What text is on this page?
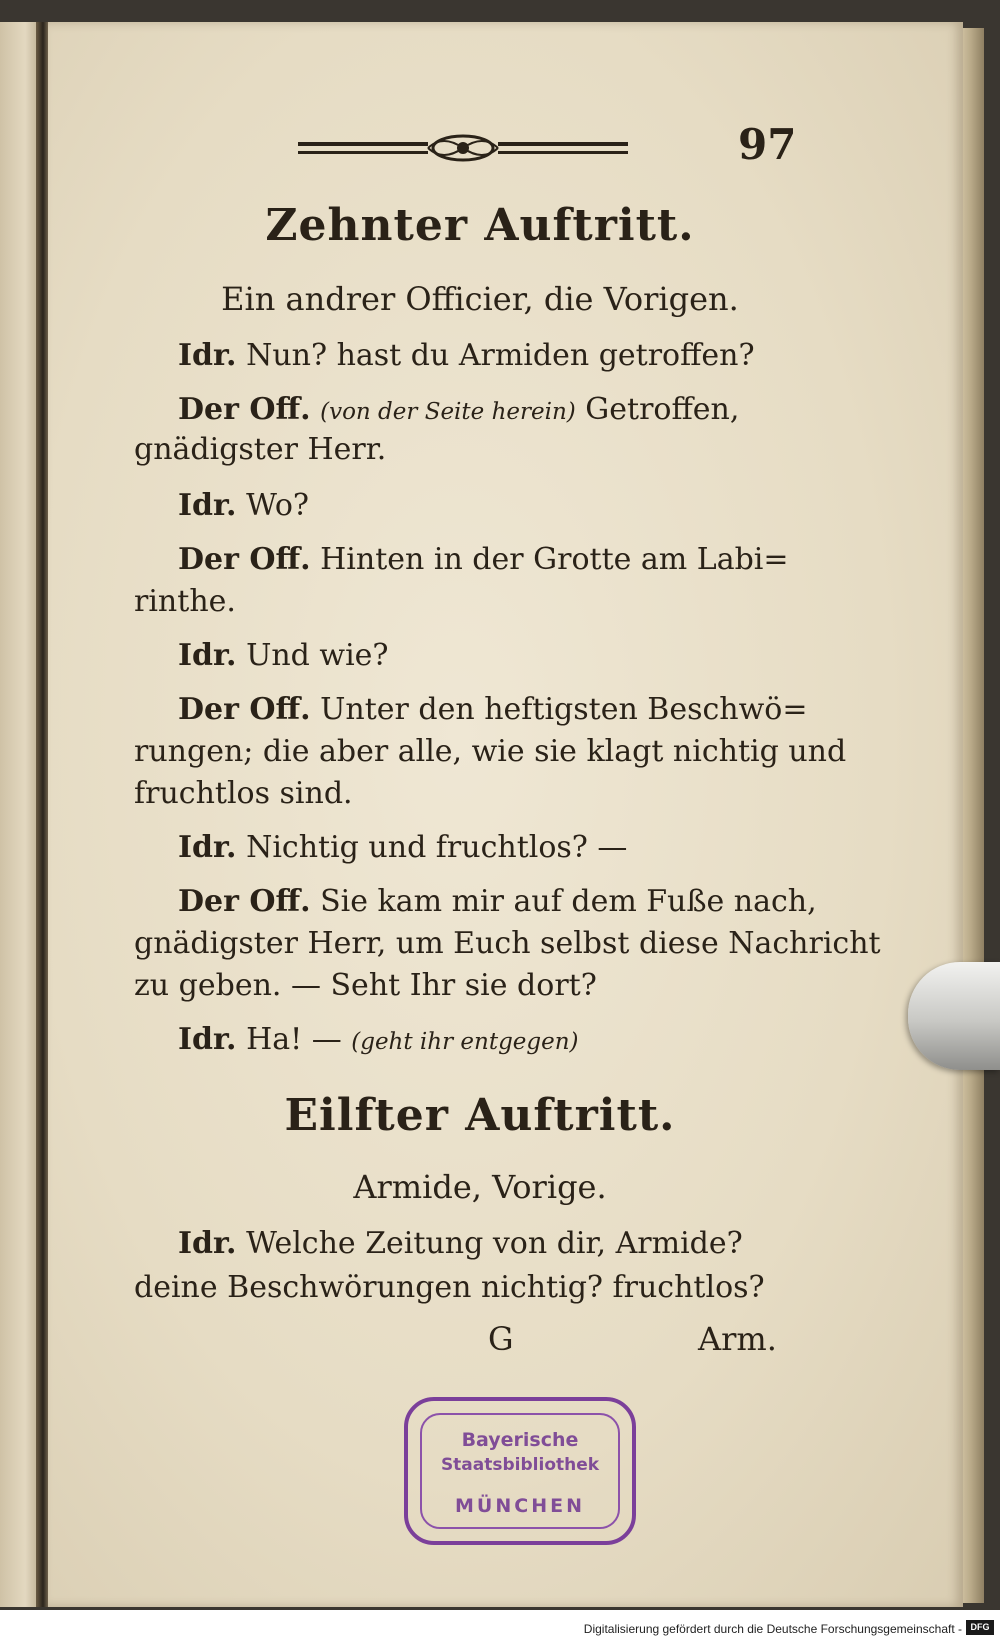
97
Zehnter Auftritt.
Ein andrer Officier, die Vorigen.
Idr. Nun? hast du Armiden getroffen?
Der Off. (von der Seite herein) Getroffen,
gnädigster Herr.
Idr. Wo?
Der Off. Hinten in der Grotte am Labi=
rinthe.
Idr. Und wie?
Der Off. Unter den heftigsten Beschwö=
rungen; die aber alle, wie sie klagt nichtig und
fruchtlos sind.
Idr. Nichtig und fruchtlos? —
Der Off. Sie kam mir auf dem Fuße nach,
gnädigster Herr, um Euch selbst diese Nachricht
zu geben. — Seht Ihr sie dort?
Idr. Ha! — (geht ihr entgegen)
Eilfter Auftritt.
Armide, Vorige.
Idr. Welche Zeitung von dir, Armide?
deine Beschwörungen nichtig? fruchtlos?
G	Arm.
Bayerische
Staatsbibliothek
MÜNCHEN
Digitalisierung gefördert durch die Deutsche Forschungsgemeinschaft - DFG
